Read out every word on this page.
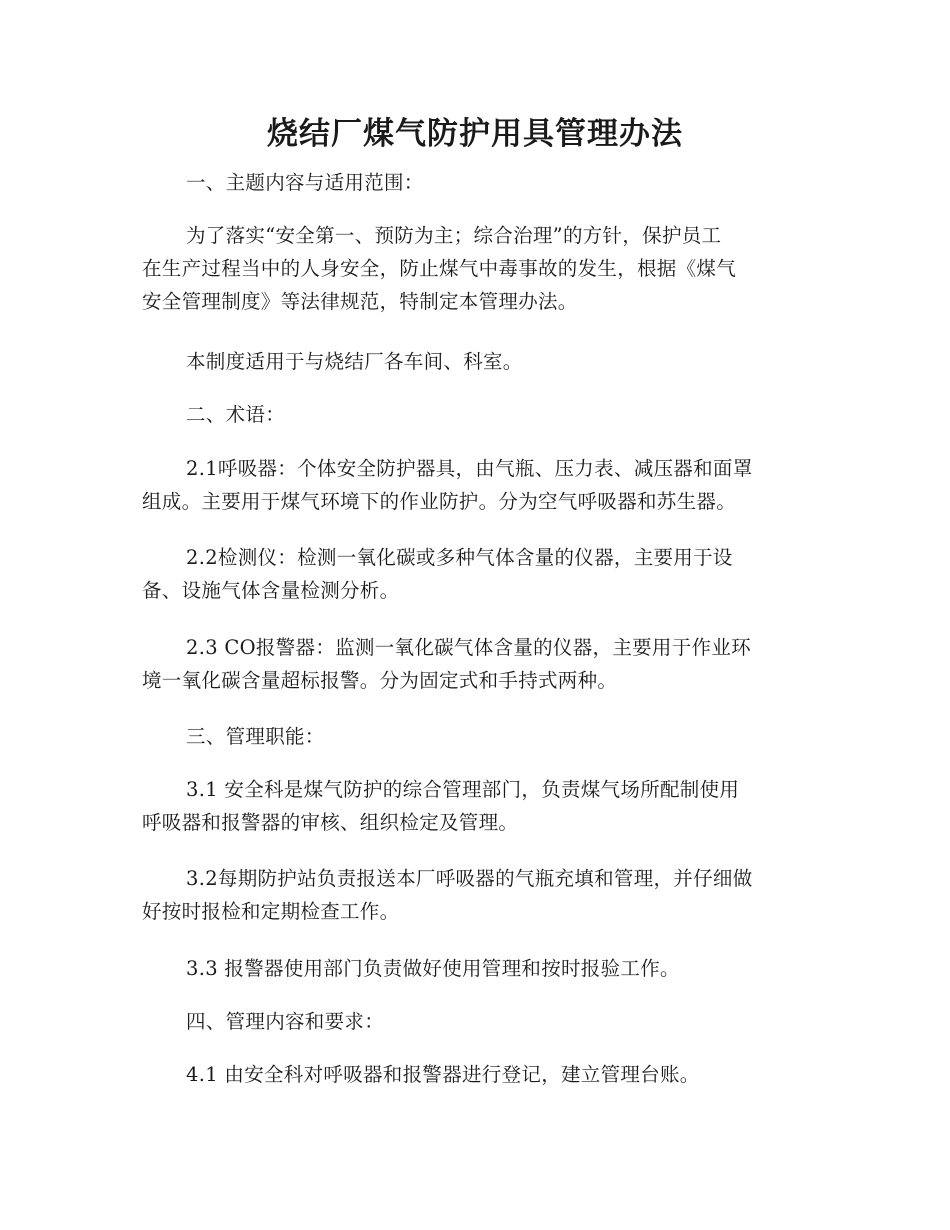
烧结厂煤气防护用具管理办法
一、主题内容与适用范围：
为了落实“安全第一、预防为主；综合治理”的方针，保护员工
在生产过程当中的人身安全，防止煤气中毒事故的发生，根据《煤气
安全管理制度》等法律规范，特制定本管理办法。
本制度适用于与烧结厂各车间、科室。
二、术语：
2.1呼吸器：个体安全防护器具，由气瓶、压力表、减压器和面罩
组成。主要用于煤气环境下的作业防护。分为空气呼吸器和苏生器。
2.2检测仪：检测一氧化碳或多种气体含量的仪器，主要用于设
备、设施气体含量检测分析。
2.3 CO报警器：监测一氧化碳气体含量的仪器，主要用于作业环
境一氧化碳含量超标报警。分为固定式和手持式两种。
三、管理职能：
3.1 安全科是煤气防护的综合管理部门，负责煤气场所配制使用
呼吸器和报警器的审核、组织检定及管理。
3.2每期防护站负责报送本厂呼吸器的气瓶充填和管理，并仔细做
好按时报检和定期检查工作。
3.3 报警器使用部门负责做好使用管理和按时报验工作。
四、管理内容和要求：
4.1 由安全科对呼吸器和报警器进行登记，建立管理台账。
